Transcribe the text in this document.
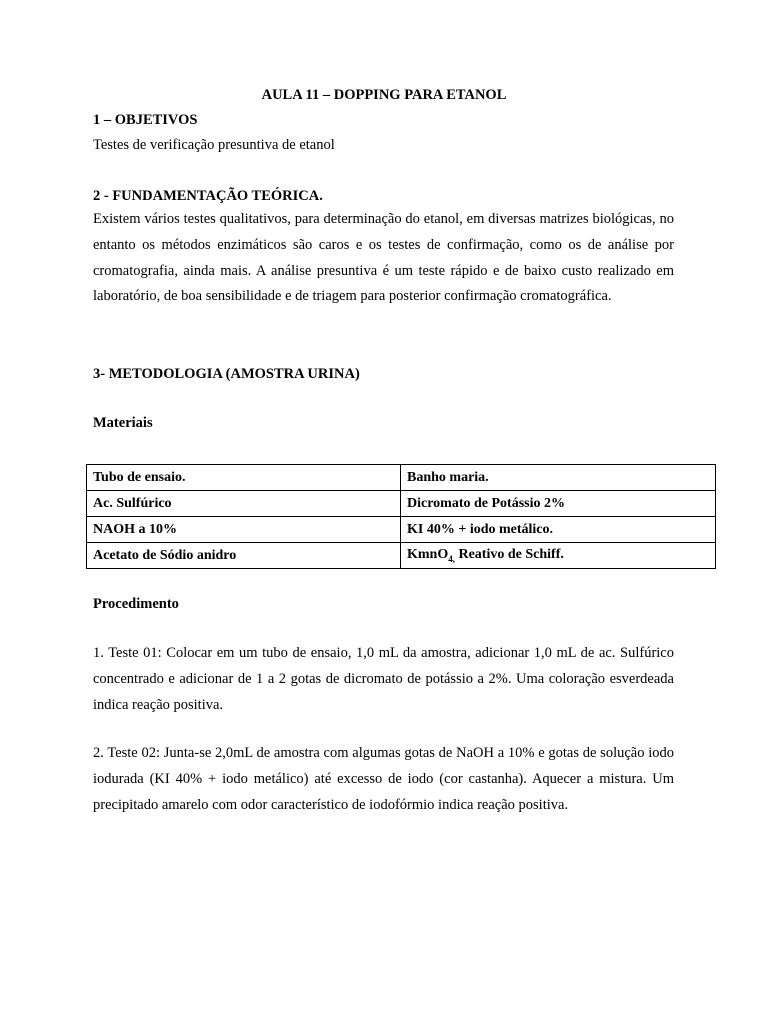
AULA 11 – DOPPING PARA ETANOL
1 – OBJETIVOS
Testes de verificação presuntiva de etanol
2 - FUNDAMENTAÇÃO TEÓRICA.
Existem vários testes qualitativos, para determinação do etanol, em diversas matrizes biológicas, no entanto os métodos enzimáticos são caros e os testes de confirmação, como os de análise por cromatografia, ainda mais. A análise presuntiva é um teste rápido e de baixo custo realizado em laboratório, de boa sensibilidade e de triagem para posterior confirmação cromatográfica.
3- METODOLOGIA (AMOSTRA URINA)
Materiais
Tubo de ensaio.	Banho maria.
Ac. Sulfúrico	Dicromato de Potássio 2%
NAOH a 10%	KI 40% + iodo metálico.
Acetato de Sódio anidro	KmnO$_{4,}$ Reativo de Schiff.
Procedimento
1. Teste 01: Colocar em um tubo de ensaio, 1,0 mL da amostra, adicionar 1,0 mL de ac. Sulfúrico concentrado e adicionar de 1 a 2 gotas de dicromato de potássio a 2%. Uma coloração esverdeada indica reação positiva.
2. Teste 02: Junta-se 2,0mL de amostra com algumas gotas de NaOH a 10% e gotas de solução iodo iodurada (KI 40% + iodo metálico) até excesso de iodo (cor castanha). Aquecer a mistura. Um precipitado amarelo com odor característico de iodofórmio indica reação positiva.
